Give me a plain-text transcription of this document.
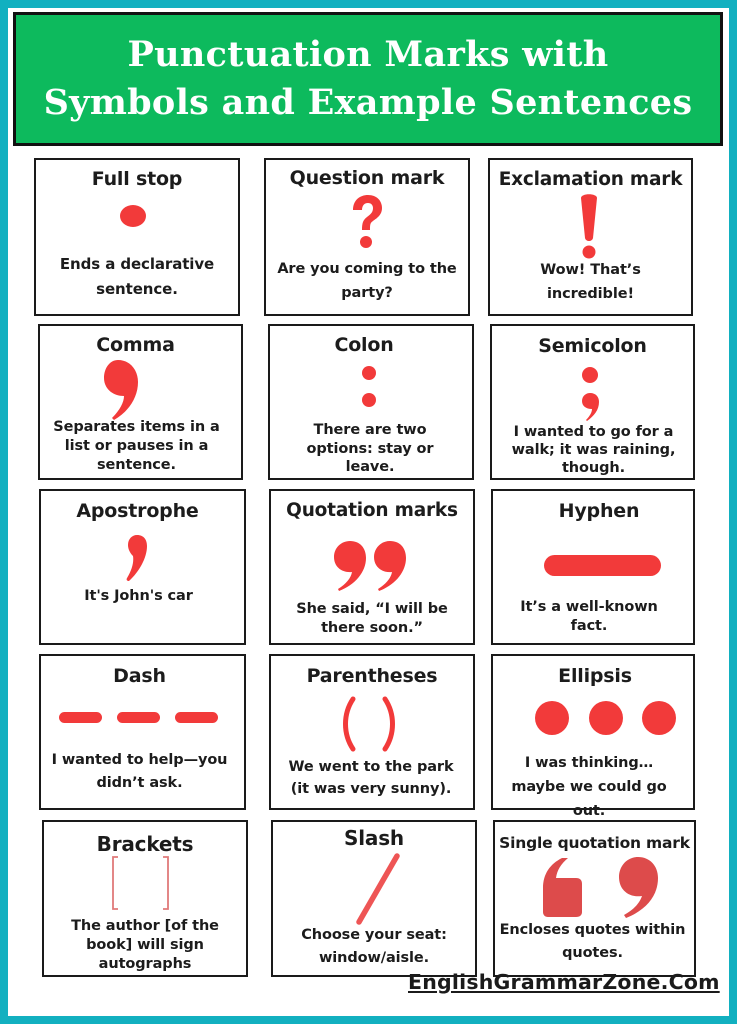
Punctuation Marks with
Symbols and Example Sentences
Full stop
Ends a declarative sentence.
Question mark
Are you coming to the party?
Exclamation mark
Wow! That’s incredible!
Comma
Separates items in a list or pauses in a sentence.
Colon
There are two options: stay or leave.
Semicolon
I wanted to go for a walk; it was raining, though.
Apostrophe
It's John's car
Quotation marks
She said, “I will be there soon.”
Hyphen
It’s a well-known fact.
Dash
I wanted to help—you didn’t ask.
Parentheses
We went to the park (it was very sunny).
Ellipsis
I was thinking… maybe we could go out.
Brackets
The author [of the book] will sign autographs
Slash
Choose your seat: window/aisle.
Single quotation mark
Encloses quotes within quotes.
EnglishGrammarZone.Com
